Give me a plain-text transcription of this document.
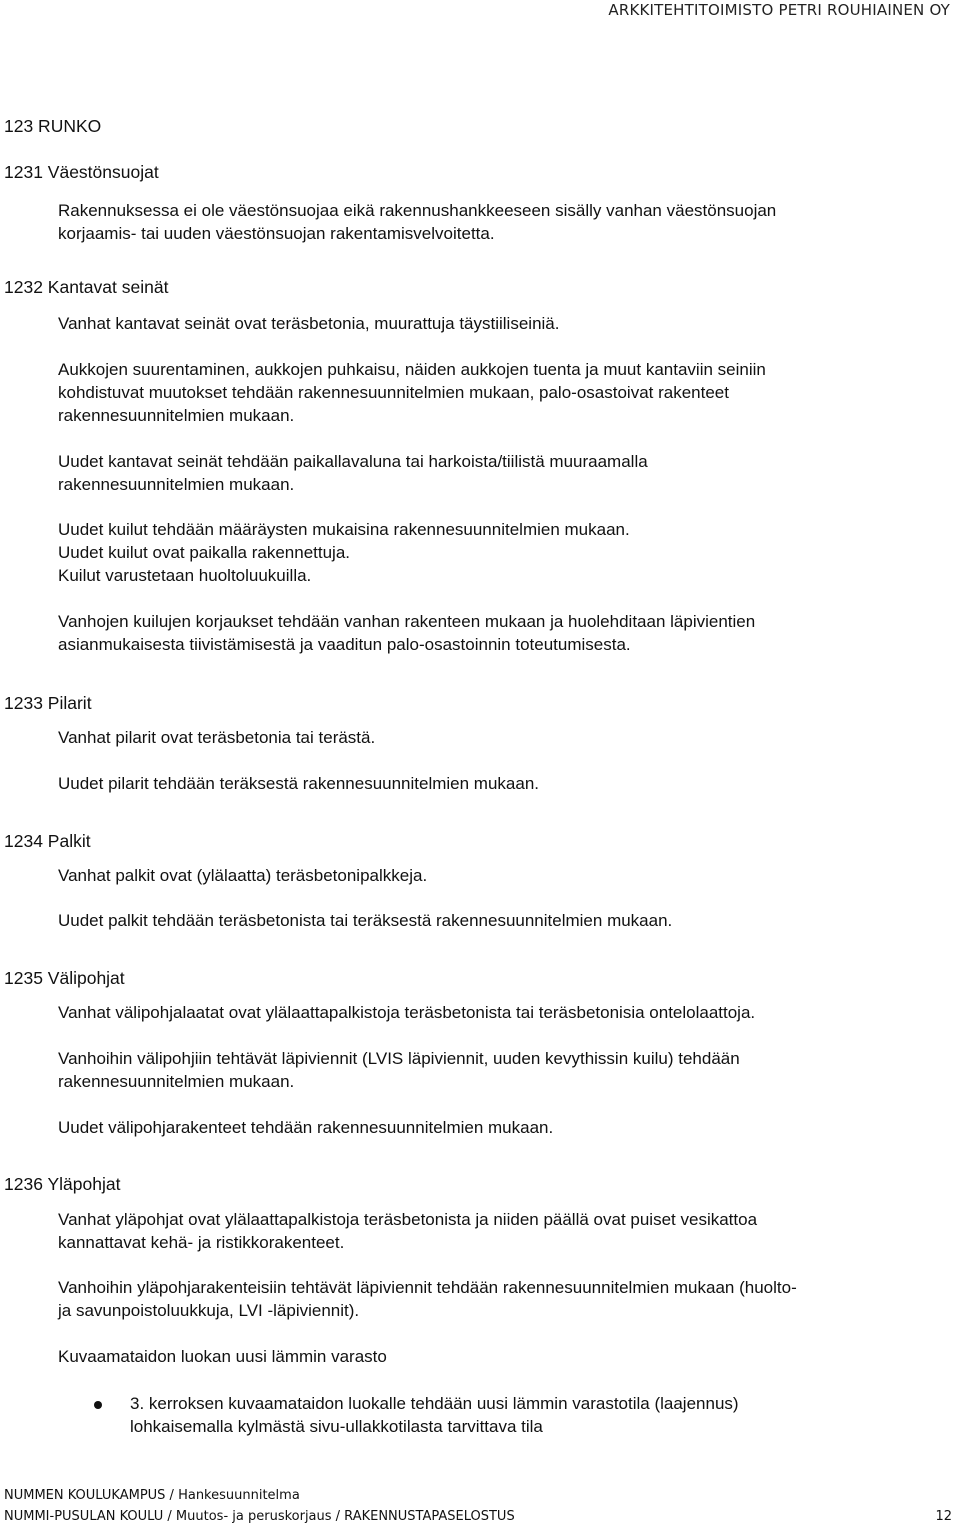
ARKKITEHTITOIMISTO PETRI ROUHIAINEN OY
123 RUNKO
1231 Väestönsuojat
Rakennuksessa ei ole väestönsuojaa eikä rakennushankkeeseen sisälly vanhan väestönsuojan
korjaamis- tai uuden väestönsuojan rakentamisvelvoitetta.
1232 Kantavat seinät
Vanhat kantavat seinät ovat teräsbetonia, muurattuja täystiiliseiniä.
Aukkojen suurentaminen, aukkojen puhkaisu, näiden aukkojen tuenta ja muut kantaviin seiniin
kohdistuvat muutokset tehdään rakennesuunnitelmien mukaan, palo-osastoivat rakenteet
rakennesuunnitelmien mukaan.
Uudet kantavat seinät tehdään paikallavaluna tai harkoista/tiilistä muuraamalla
rakennesuunnitelmien mukaan.
Uudet kuilut tehdään määräysten mukaisina rakennesuunnitelmien mukaan.
Uudet kuilut ovat paikalla rakennettuja.
Kuilut varustetaan huoltoluukuilla.
Vanhojen kuilujen korjaukset tehdään vanhan rakenteen mukaan ja huolehditaan läpivientien
asianmukaisesta tiivistämisestä ja vaaditun palo-osastoinnin toteutumisesta.
1233 Pilarit
Vanhat pilarit ovat teräsbetonia tai terästä.
Uudet pilarit tehdään teräksestä rakennesuunnitelmien mukaan.
1234 Palkit
Vanhat palkit ovat (ylälaatta) teräsbetonipalkkeja.
Uudet palkit tehdään teräsbetonista tai teräksestä rakennesuunnitelmien mukaan.
1235 Välipohjat
Vanhat välipohjalaatat ovat ylälaattapalkistoja teräsbetonista tai teräsbetonisia ontelolaattoja.
Vanhoihin välipohjiin tehtävät läpiviennit (LVIS läpiviennit, uuden kevythissin kuilu) tehdään
rakennesuunnitelmien mukaan.
Uudet välipohjarakenteet tehdään rakennesuunnitelmien mukaan.
1236 Yläpohjat
Vanhat yläpohjat ovat ylälaattapalkistoja teräsbetonista ja niiden päällä ovat puiset vesikattoa
kannattavat kehä- ja ristikkorakenteet.
Vanhoihin yläpohjarakenteisiin tehtävät läpiviennit tehdään rakennesuunnitelmien mukaan (huolto-
ja savunpoistoluukkuja, LVI -läpiviennit).
Kuvaamataidon luokan uusi lämmin varasto
3. kerroksen kuvaamataidon luokalle tehdään uusi lämmin varastotila (laajennus)
lohkaisemalla kylmästä sivu-ullakkotilasta tarvittava tila
NUMMEN KOULUKAMPUS / Hankesuunnitelma
NUMMI-PUSULAN KOULU / Muutos- ja peruskorjaus / RAKENNUSTAPASELOSTUS	12
